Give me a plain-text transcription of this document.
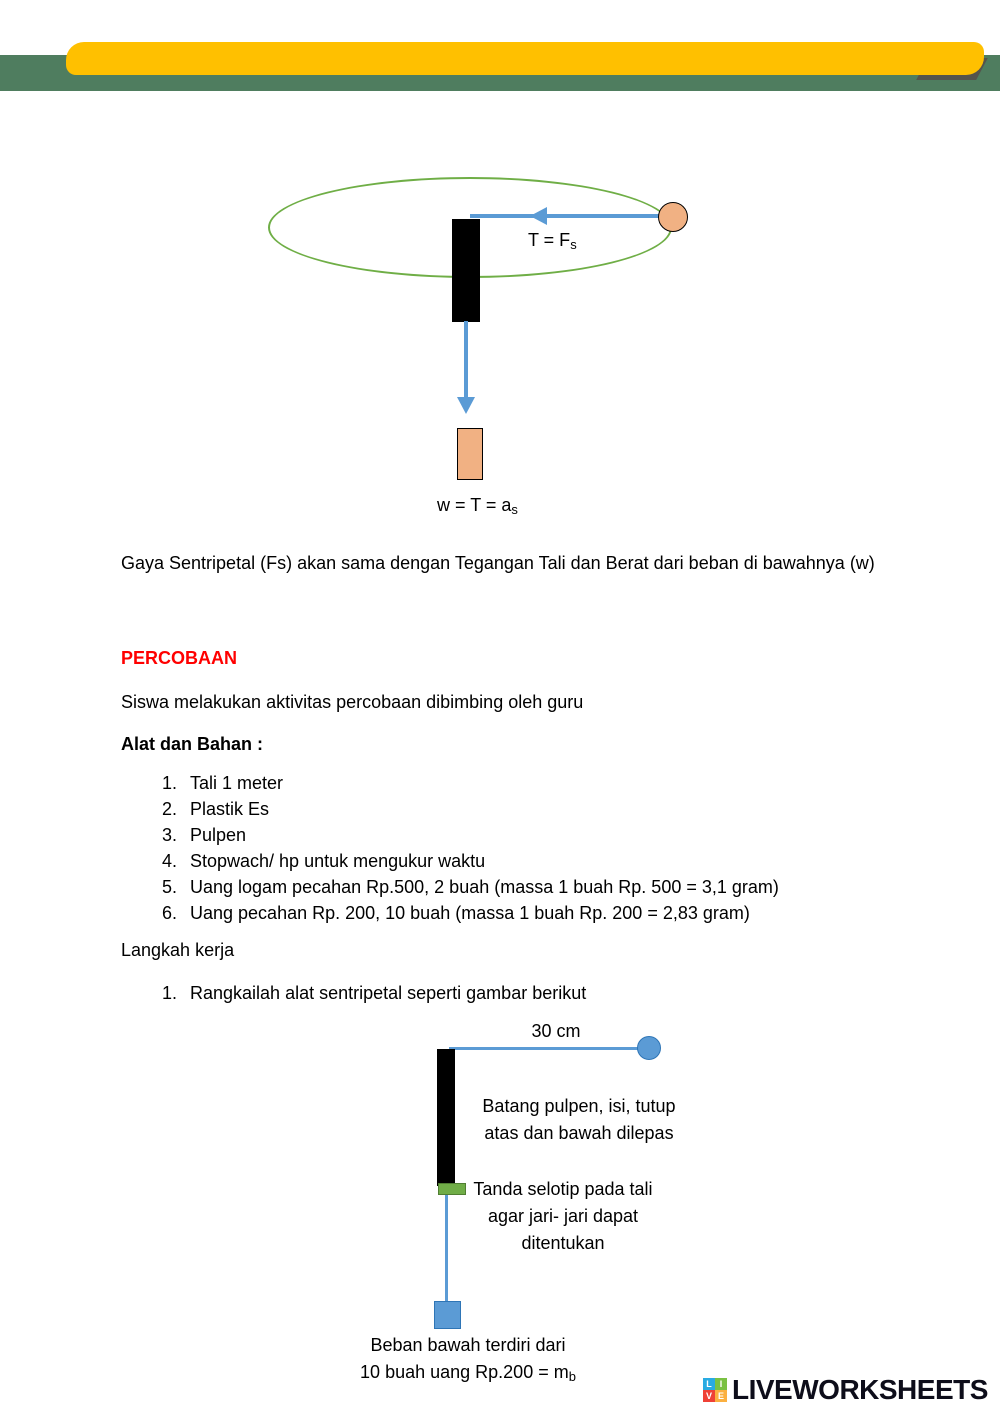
T = Fs
w = T = as

Gaya Sentripetal (Fs) akan sama dengan Tegangan Tali dan Berat dari beban di bawahnya (w)

PERCOBAAN
Siswa melakukan aktivitas percobaan dibimbing oleh guru
Alat dan Bahan :
1. Tali 1 meter
2. Plastik Es
3. Pulpen
4. Stopwach/ hp untuk mengukur waktu
5. Uang logam pecahan Rp.500, 2 buah (massa 1 buah Rp. 500 = 3,1 gram)
6. Uang pecahan Rp. 200, 10 buah (massa 1 buah Rp. 200 = 2,83 gram)
Langkah kerja
1. Rangkailah alat sentripetal seperti gambar berikut
30 cm
Batang pulpen, isi, tutup atas dan bawah dilepas
Tanda selotip pada tali agar jari- jari dapat ditentukan
Beban bawah terdiri dari
10 buah uang Rp.200 = mb	L I
V E LIVEWORKSHEETS
